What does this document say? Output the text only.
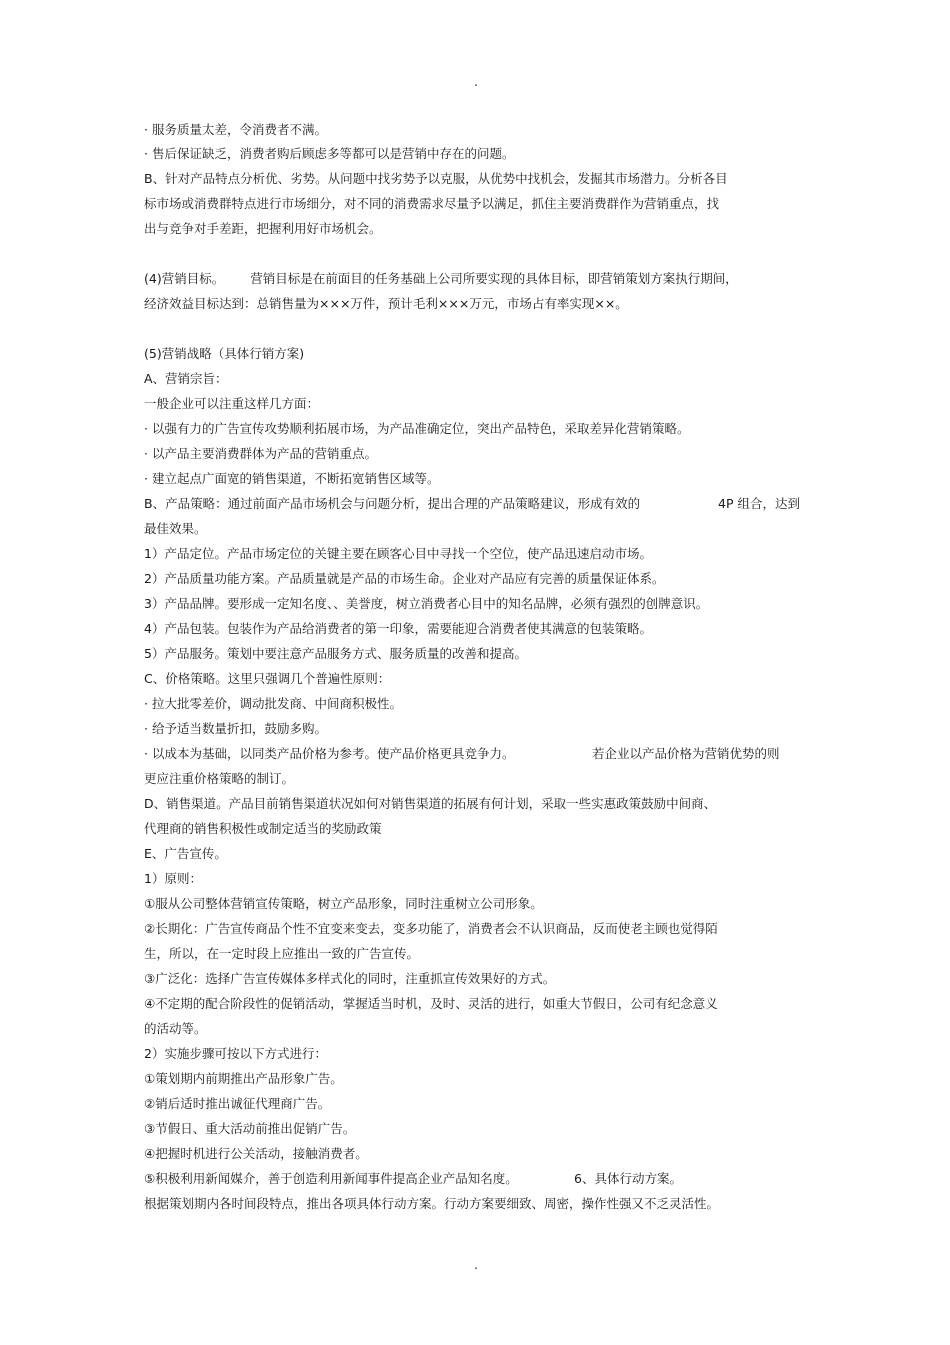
.
· 服务质量太差，令消费者不满。
· 售后保证缺乏，消费者购后顾虑多等都可以是营销中存在的问题。
B、针对产品特点分析优、劣势。从问题中找劣势予以克服，从优势中找机会，发掘其市场潜力。分析各目
标市场或消费群特点进行市场细分，对不同的消费需求尽量予以满足，抓住主要消费群作为营销重点，找
出与竞争对手差距，把握利用好市场机会。
(4)营销目标。 营销目标是在前面目的任务基础上公司所要实现的具体目标，即营销策划方案执行期间，
经济效益目标达到：总销售量为×××万件，预计毛利×××万元，市场占有率实现××。
(5)营销战略（具体行销方案)
A、营销宗旨：
一般企业可以注重这样几方面：
· 以强有力的广告宣传攻势顺利拓展市场，为产品准确定位，突出产品特色，采取差异化营销策略。
· 以产品主要消费群体为产品的营销重点。
· 建立起点广面宽的销售渠道，不断拓宽销售区域等。
B、产品策略：通过前面产品市场机会与问题分析，提出合理的产品策略建议，形成有效的	4P 组合，达到
最佳效果。
1）产品定位。产品市场定位的关键主要在顾客心目中寻找一个空位，使产品迅速启动市场。
2）产品质量功能方案。产品质量就是产品的市场生命。企业对产品应有完善的质量保证体系。
3）产品品牌。要形成一定知名度、、美誉度，树立消费者心目中的知名品牌，必须有强烈的创牌意识。
4）产品包装。包装作为产品给消费者的第一印象，需要能迎合消费者使其满意的包装策略。
5）产品服务。策划中要注意产品服务方式、服务质量的改善和提高。
C、价格策略。这里只强调几个普遍性原则：
· 拉大批零差价，调动批发商、中间商积极性。
· 给予适当数量折扣，鼓励多购。
· 以成本为基础，以同类产品价格为参考。使产品价格更具竞争力。	若企业以产品价格为营销优势的则
更应注重价格策略的制订。
D、销售渠道。产品目前销售渠道状况如何对销售渠道的拓展有何计划，采取一些实惠政策鼓励中间商、
代理商的销售积极性或制定适当的奖励政策
E、广告宣传。
1）原则：
①服从公司整体营销宣传策略，树立产品形象，同时注重树立公司形象。
②长期化：广告宣传商品个性不宜变来变去，变多功能了，消费者会不认识商品，反而使老主顾也觉得陌
生，所以，在一定时段上应推出一致的广告宣传。
③广泛化：选择广告宣传媒体多样式化的同时，注重抓宣传效果好的方式。
④不定期的配合阶段性的促销活动，掌握适当时机，及时、灵活的进行，如重大节假日，公司有纪念意义
的活动等。
2）实施步骤可按以下方式进行：
①策划期内前期推出产品形象广告。
②销后适时推出诚征代理商广告。
③节假日、重大活动前推出促销广告。
④把握时机进行公关活动，接触消费者。
⑤积极利用新闻媒介，善于创造利用新闻事件提高企业产品知名度。	6、具体行动方案。
根据策划期内各时间段特点，推出各项具体行动方案。行动方案要细致、周密，操作性强又不乏灵活性。
.
